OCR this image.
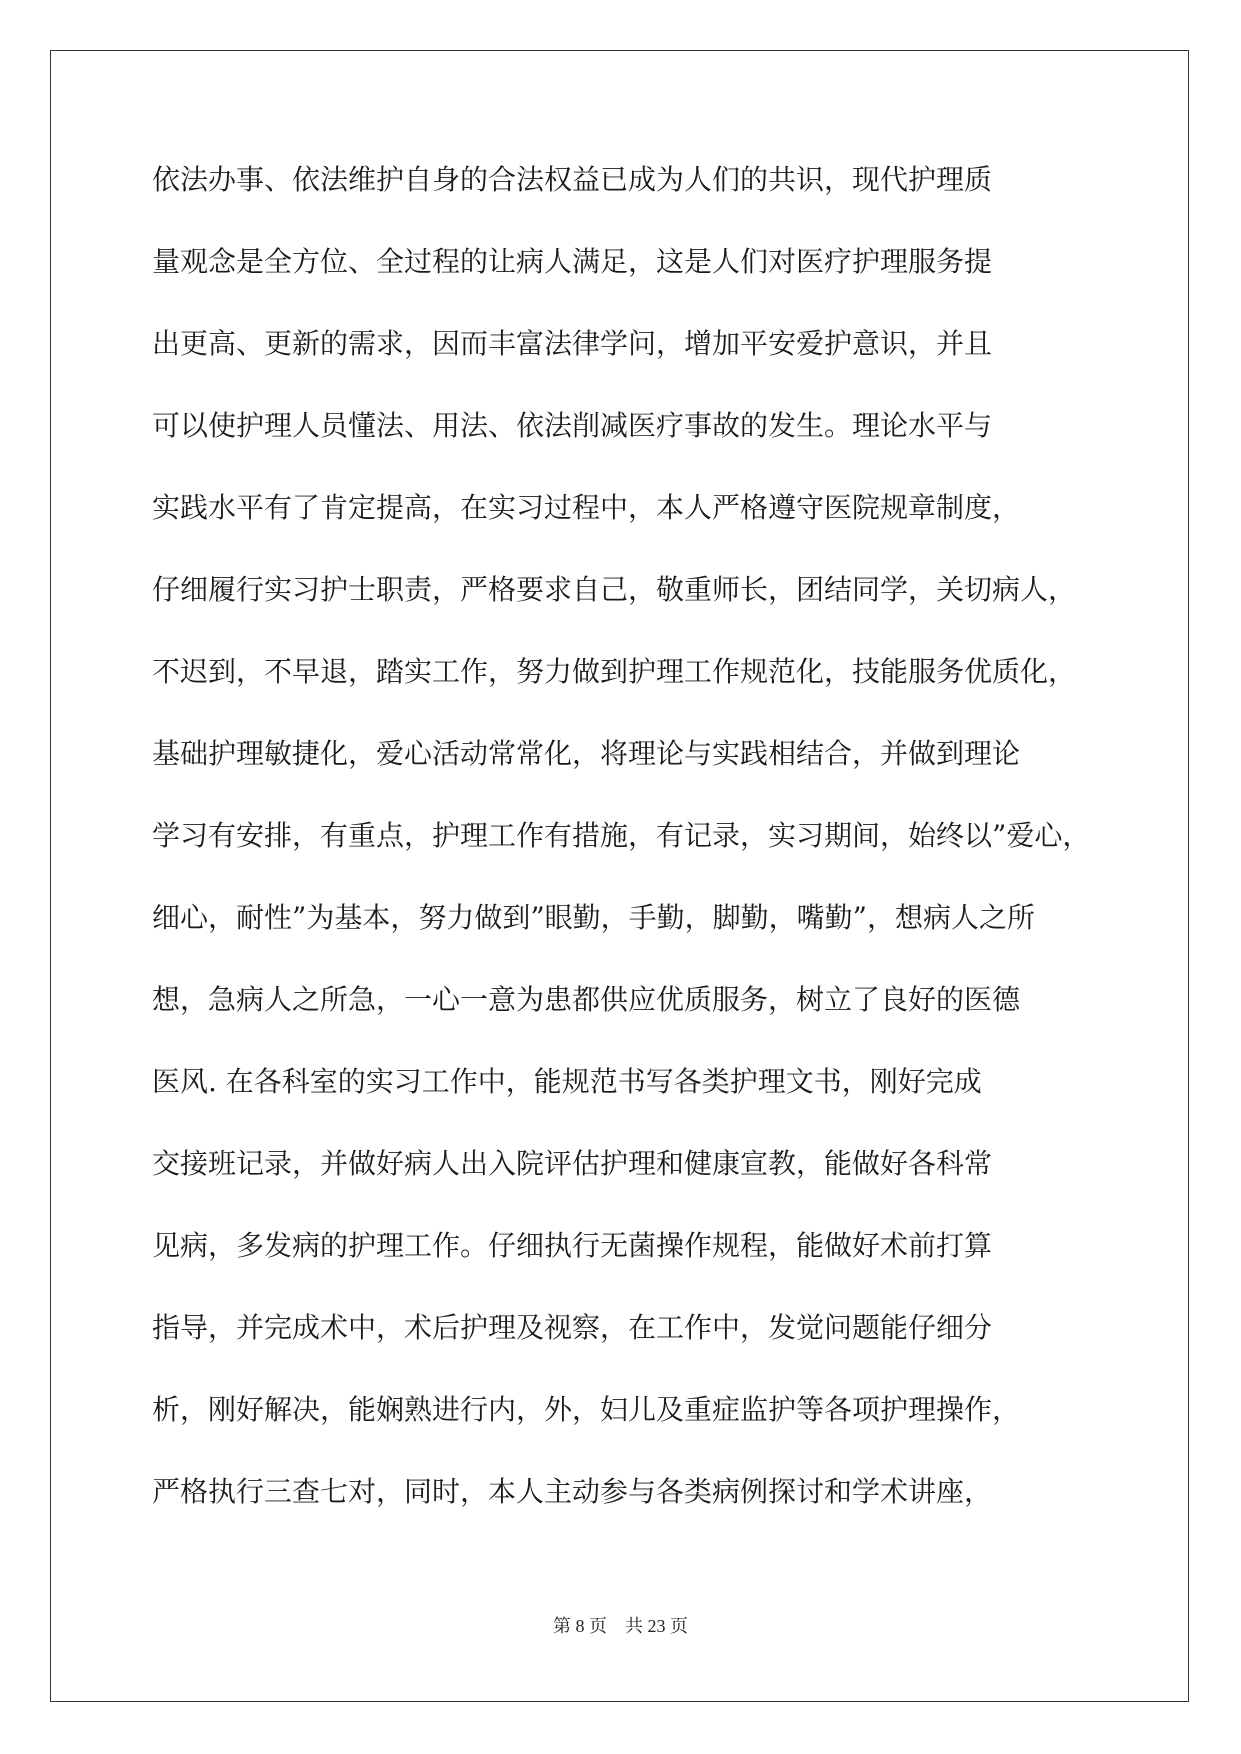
依法办事、依法维护自身的合法权益已成为人们的共识，现代护理质
量观念是全方位、全过程的让病人满足，这是人们对医疗护理服务提
出更高、更新的需求，因而丰富法律学问，增加平安爱护意识，并且
可以使护理人员懂法、用法、依法削减医疗事故的发生。理论水平与
实践水平有了肯定提高，在实习过程中，本人严格遵守医院规章制度，
仔细履行实习护士职责，严格要求自己，敬重师长，团结同学，关切病人，
不迟到，不早退，踏实工作，努力做到护理工作规范化，技能服务优质化，
基础护理敏捷化，爱心活动常常化，将理论与实践相结合，并做到理论
学习有安排，有重点，护理工作有措施，有记录，实习期间，始终以”爱心，
细心，耐性”为基本，努力做到”眼勤，手勤，脚勤，嘴勤”，想病人之所
想，急病人之所急，一心一意为患都供应优质服务，树立了良好的医德
医风. 在各科室的实习工作中，能规范书写各类护理文书，刚好完成
交接班记录，并做好病人出入院评估护理和健康宣教，能做好各科常
见病，多发病的护理工作。仔细执行无菌操作规程，能做好术前打算
指导，并完成术中，术后护理及视察，在工作中，发觉问题能仔细分
析，刚好解决，能娴熟进行内，外，妇儿及重症监护等各项护理操作，
严格执行三查七对，同时，本人主动参与各类病例探讨和学术讲座，
第 8 页　共 23 页
